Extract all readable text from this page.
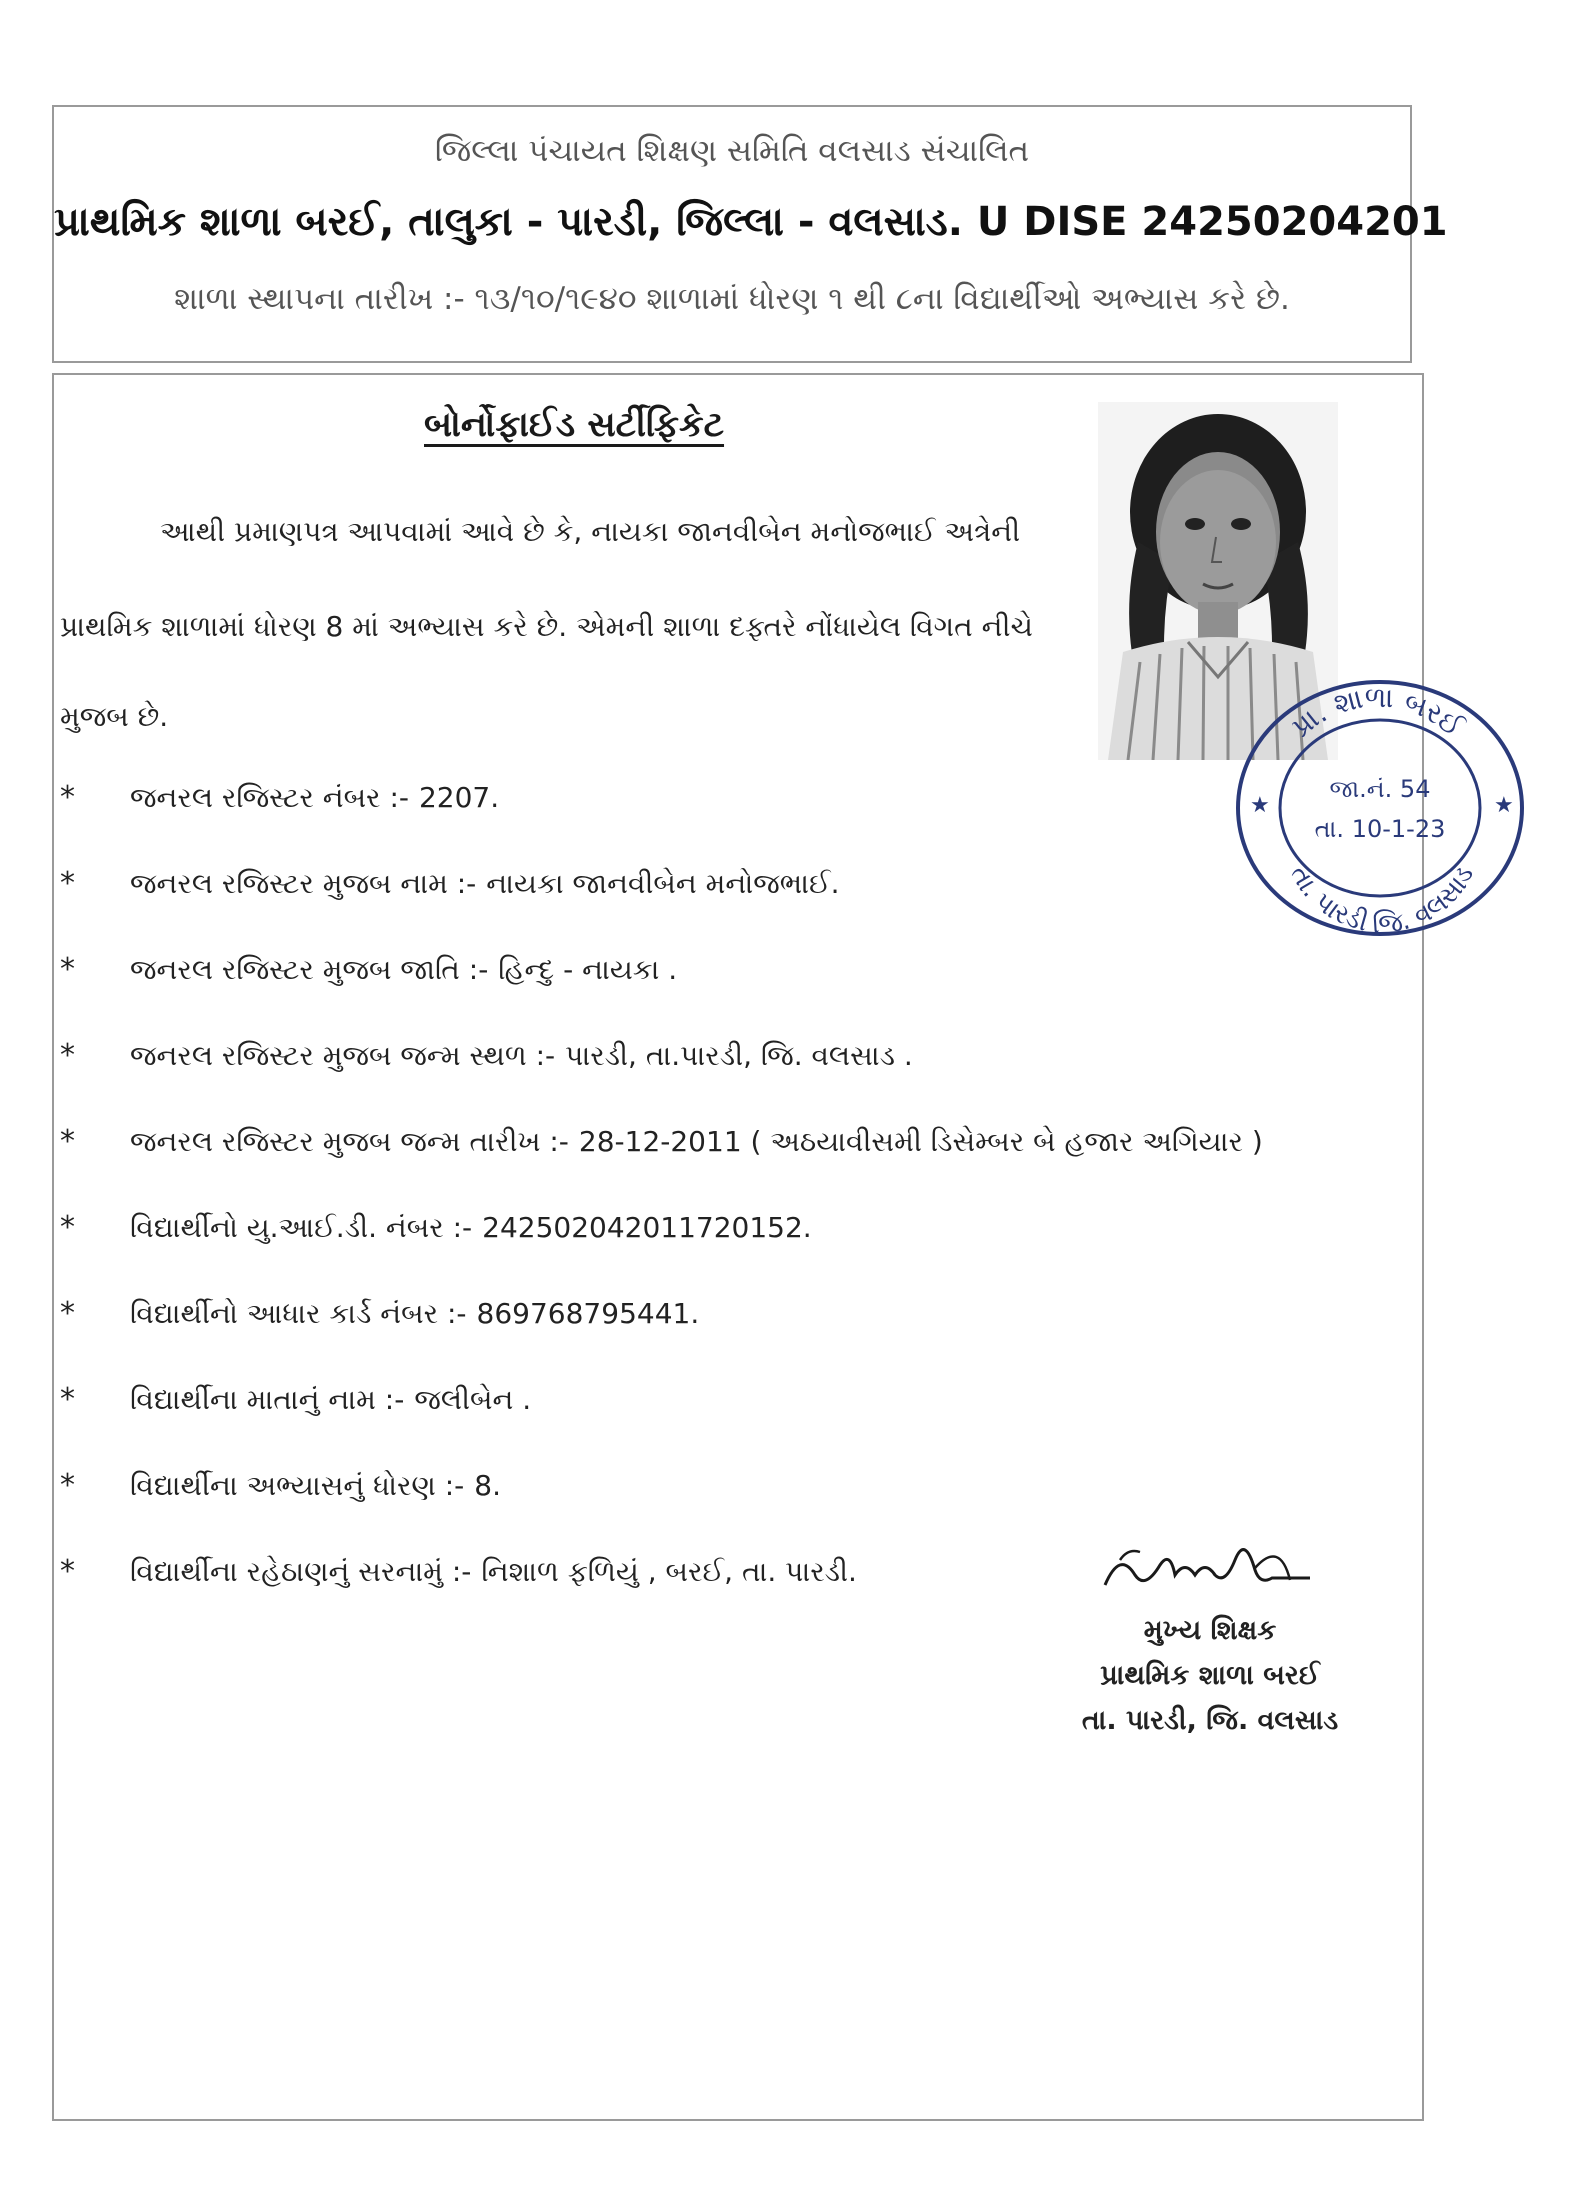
જિલ્લા પંચાયત શિક્ષણ સમિતિ વલસાડ સંચાલિત
પ્રાથમિક શાળા બરઈ, તાલુકા - પારડી, જિલ્લા - વલસાડ. U DISE 24250204201
શાળા સ્થાપના તારીખ :- ૧૩/૧૦/૧૯૪૦ શાળામાં ધોરણ ૧ થી ૮ના વિદ્યાર્થીઓ અભ્યાસ કરે છે.
બોર્નોફાઈડ સર્ટીફિકેટ
આથી પ્રમાણપત્ર આપવામાં આવે છે કે, નાયકા જાનવીબેન મનોજભાઈ અત્રેની
પ્રાથમિક શાળામાં ધોરણ 8 માં અભ્યાસ કરે છે. એમની શાળા દફ્તરે નોંધાયેલ વિગત નીચે
મુજબ છે.
* જનરલ રજિસ્ટર નંબર :- 2207.
* જનરલ રજિસ્ટર મુજબ નામ :- નાયકા જાનવીબેન મનોજભાઈ.
* જનરલ રજિસ્ટર મુજબ જાતિ :- હિન્દુ - નાયકા .
* જનરલ રજિસ્ટર મુજબ જન્મ સ્થળ :- પારડી, તા.પારડી, જિ. વલસાડ .
* જનરલ રજિસ્ટર મુજબ જન્મ તારીખ :- 28-12-2011 ( અઠયાવીસમી ડિસેમ્બર બે હજાર અગિયાર )
* વિદ્યાર્થીનો યુ.આઈ.ડી. નંબર :- 242502042011720152.
* વિદ્યાર્થીનો આધાર કાર્ડ નંબર :- 869768795441.
* વિદ્યાર્થીના માતાનું નામ :- જલીબેન .
* વિદ્યાર્થીના અભ્યાસનું ધોરણ :- 8.
* વિદ્યાર્થીના રહેઠાણનું સરનામું :- નિશાળ ફળિયું , બરઈ, તા. પારડી.
પ્રા. શાળા બરઈ
તા. પારડી જિ. વલસાડ
જા.નં. 54
તા. 10-1-23
★	★
મુખ્ય શિક્ષક
પ્રાથમિક શાળા બરઈ
તા. પારડી, જિ. વલસાડ
